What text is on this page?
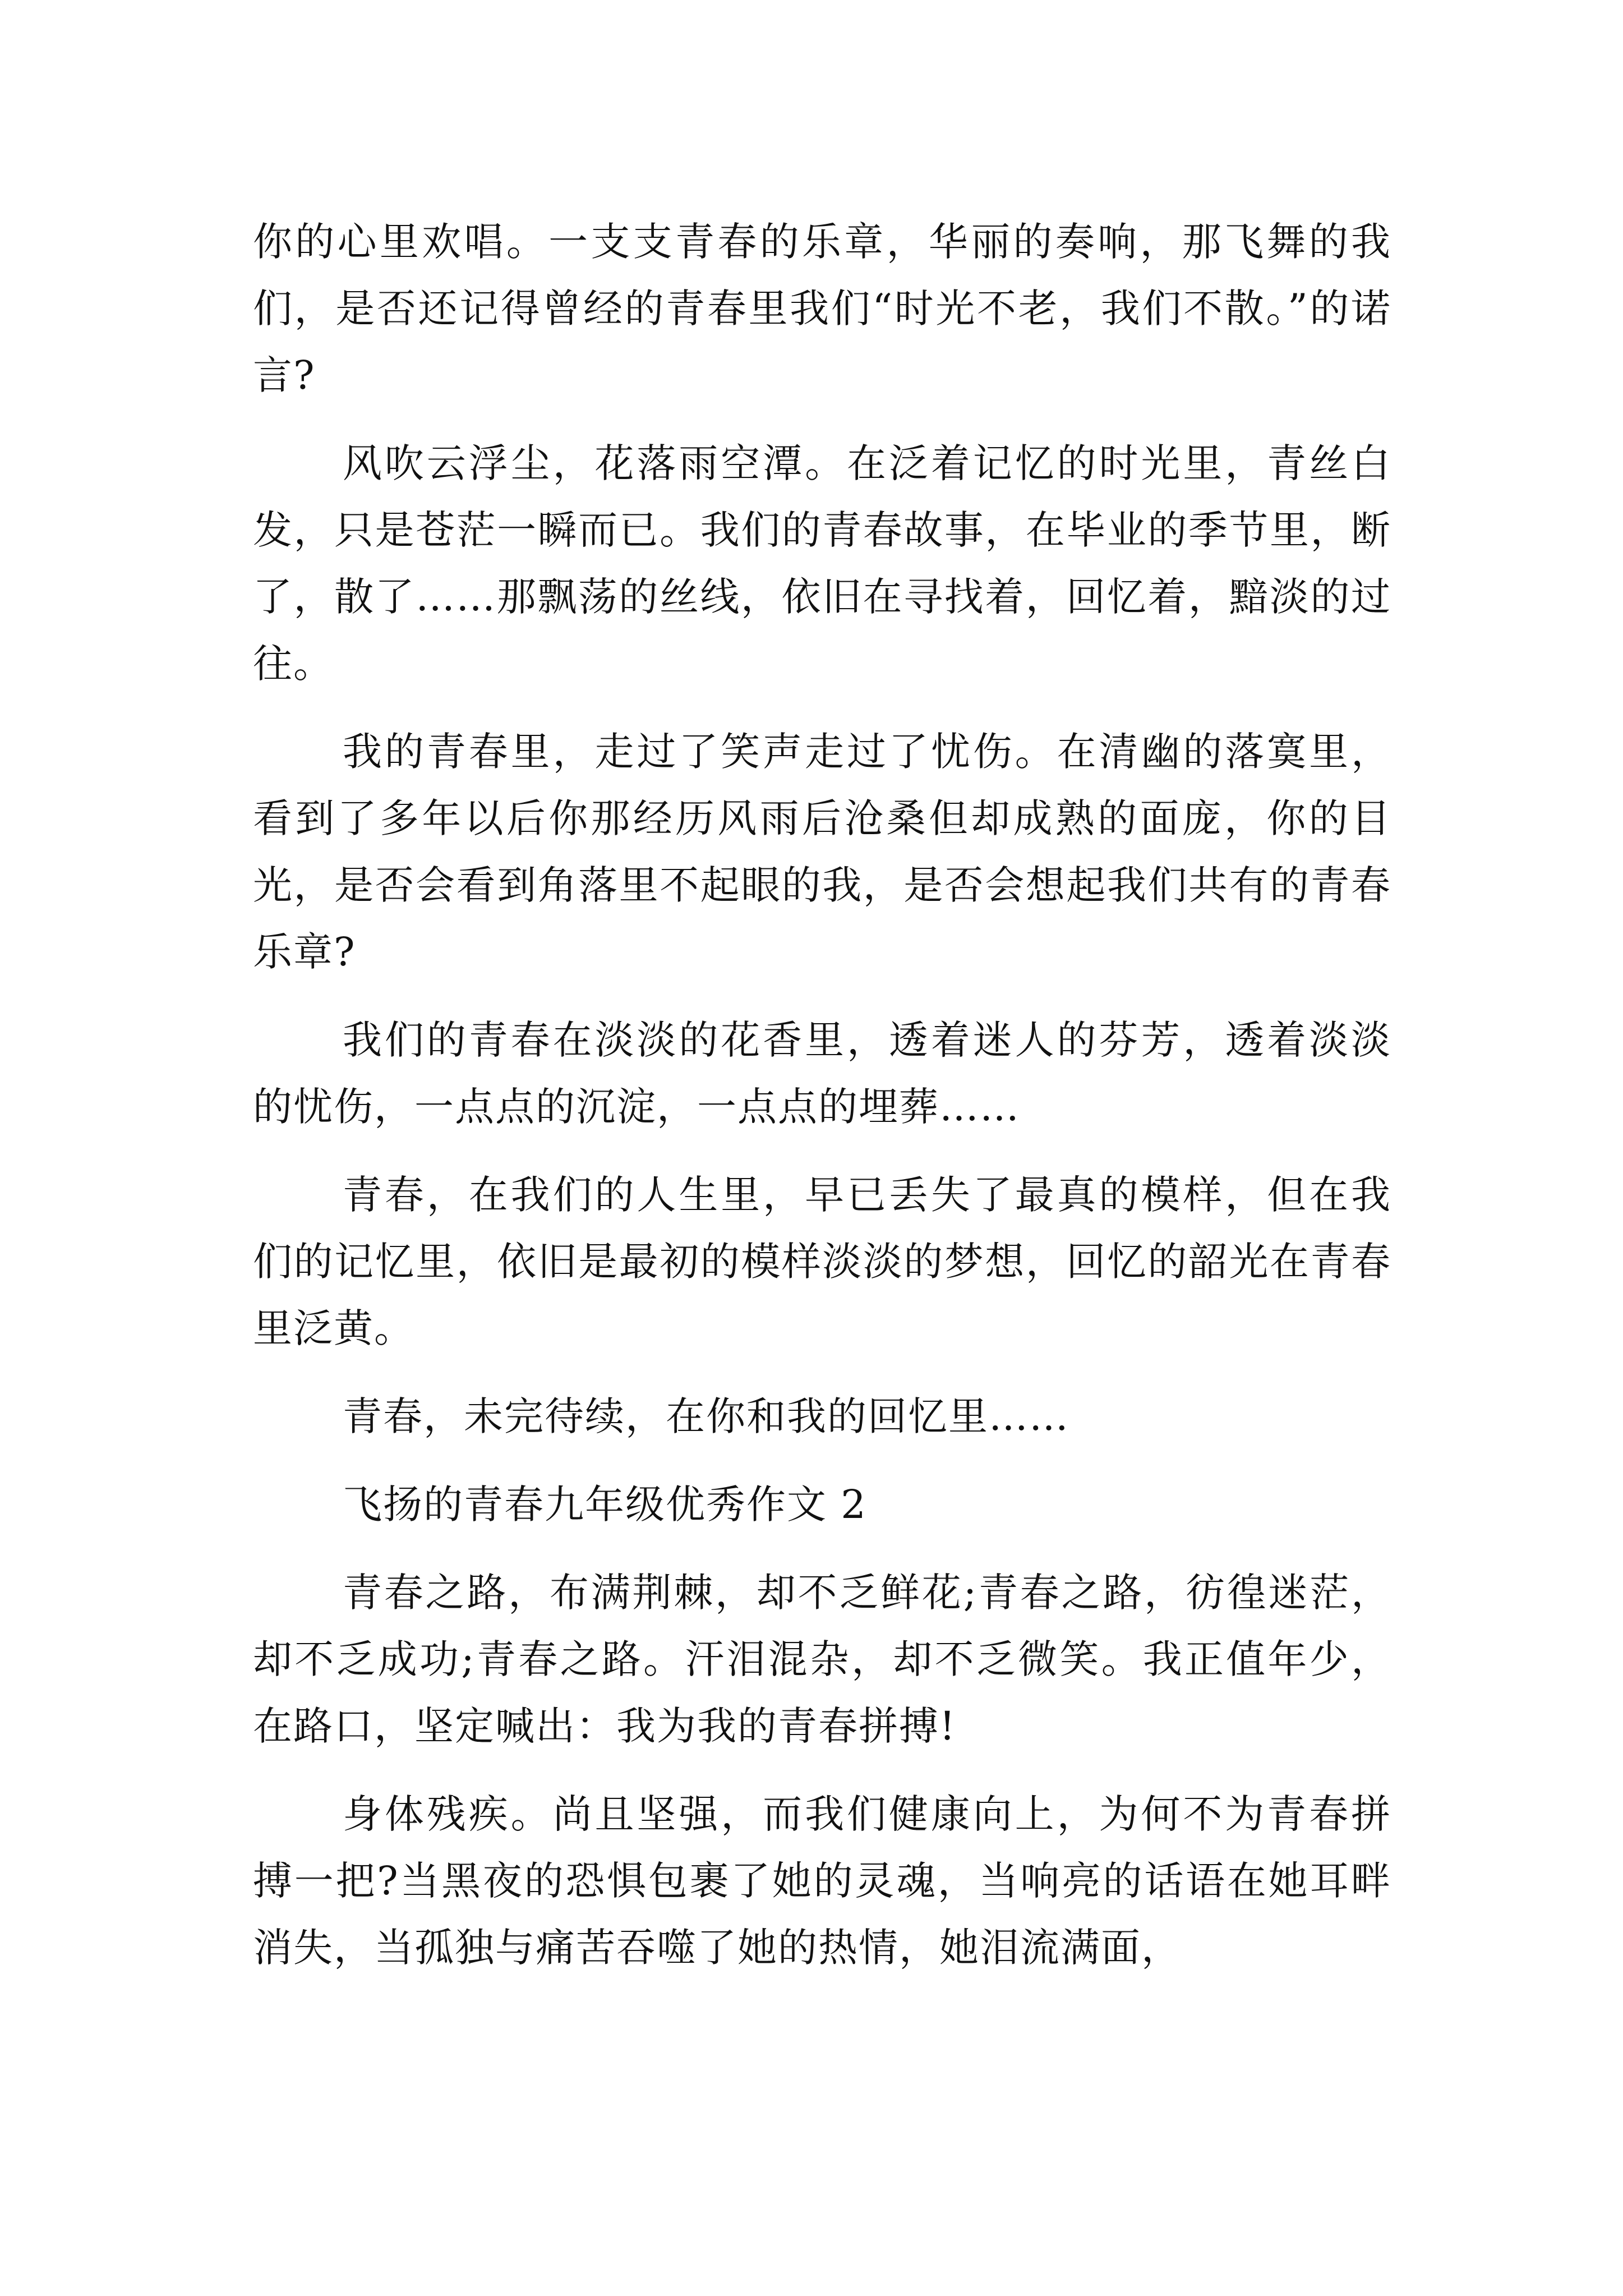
你的心里欢唱。一支支青春的乐章，华丽的奏响，那飞舞的我们，是否还记得曾经的青春里我们“时光不老，我们不散。”的诺言?

风吹云浮尘，花落雨空潭。在泛着记忆的时光里，青丝白发，只是苍茫一瞬而已。我们的青春故事，在毕业的季节里，断了，散了……那飘荡的丝线，依旧在寻找着，回忆着，黯淡的过往。

我的青春里，走过了笑声走过了忧伤。在清幽的落寞里，看到了多年以后你那经历风雨后沧桑但却成熟的面庞，你的目光，是否会看到角落里不起眼的我，是否会想起我们共有的青春乐章?

我们的青春在淡淡的花香里，透着迷人的芬芳，透着淡淡的忧伤，一点点的沉淀，一点点的埋葬……

青春，在我们的人生里，早已丢失了最真的模样，但在我们的记忆里，依旧是最初的模样淡淡的梦想，回忆的韶光在青春里泛黄。

青春，未完待续，在你和我的回忆里……

飞扬的青春九年级优秀作文 2

青春之路，布满荆棘，却不乏鲜花;青春之路，彷徨迷茫，却不乏成功;青春之路。汗泪混杂，却不乏微笑。我正值年少，在路口，坚定喊出：我为我的青春拼搏!

身体残疾。尚且坚强，而我们健康向上，为何不为青春拼搏一把?当黑夜的恐惧包裹了她的灵魂，当响亮的话语在她耳畔消失，当孤独与痛苦吞噬了她的热情，她泪流满面，
